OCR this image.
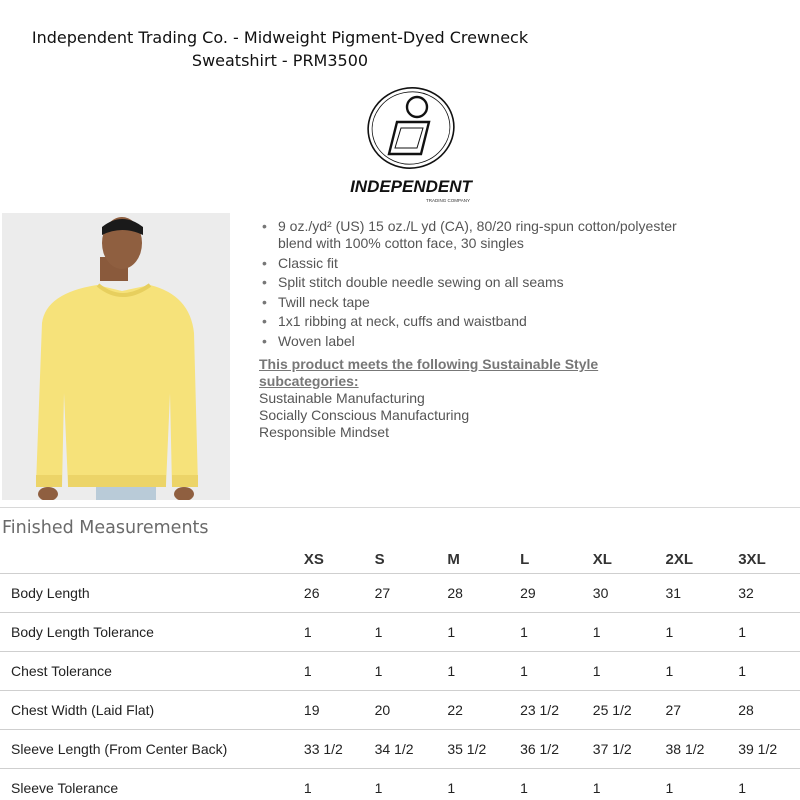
Independent Trading Co. - Midweight Pigment-Dyed Crewneck
Sweatshirt - PRM3500
INDEPENDENT
TRADING COMPANY
• 9 oz./yd² (US) 15 oz./L yd (CA), 80/20 ring-spun cotton/polyester blend with 100% cotton face, 30 singles
• Classic fit
• Split stitch double needle sewing on all seams
• Twill neck tape
• 1x1 ribbing at neck, cuffs and waistband
• Woven label
This product meets the following Sustainable Style subcategories:
Sustainable Manufacturing
Socially Conscious Manufacturing
Responsible Mindset
Finished Measurements
	XS	S	M	L	XL	2XL	3XL
Body Length	26	27	28	29	30	31	32
Body Length Tolerance	1	1	1	1	1	1	1
Chest Tolerance	1	1	1	1	1	1	1
Chest Width (Laid Flat)	19	20	22	23 1/2	25 1/2	27	28
Sleeve Length (From Center Back)	33 1/2	34 1/2	35 1/2	36 1/2	37 1/2	38 1/2	39 1/2
Sleeve Tolerance	1	1	1	1	1	1	1
